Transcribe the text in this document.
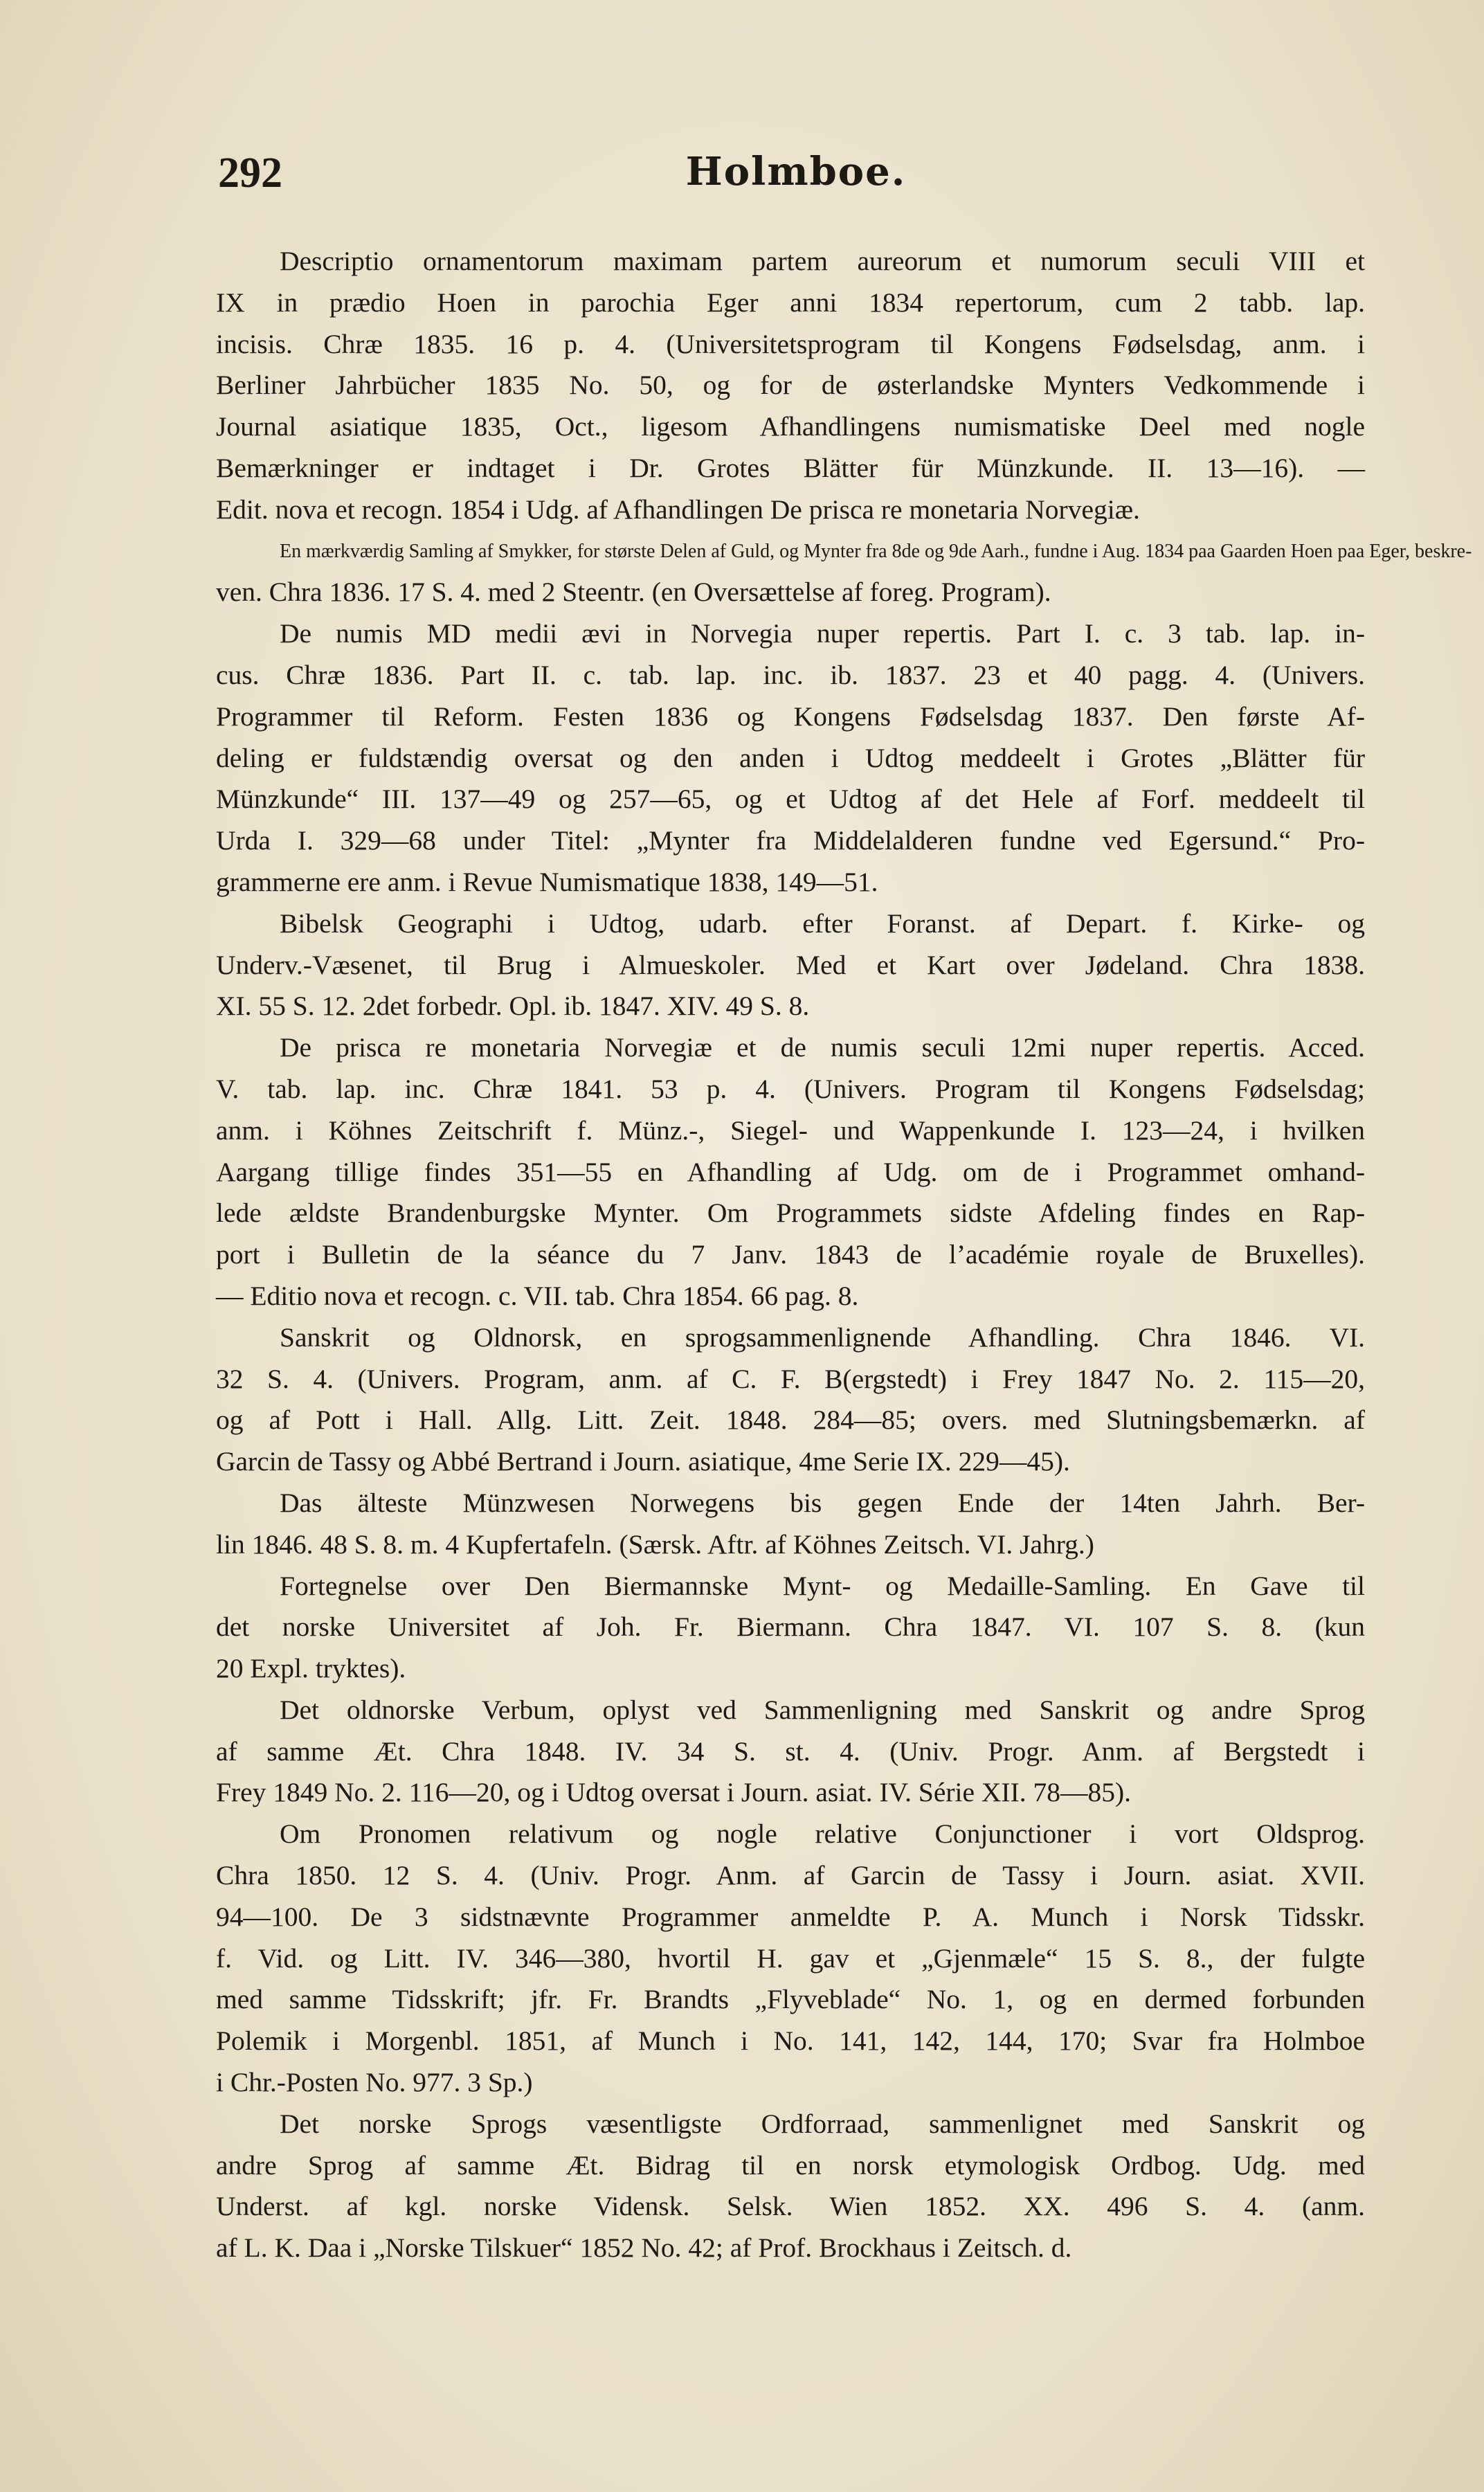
292	Holmboe.
Descriptio ornamentorum maximam partem aureorum et numorum seculi VIII et
IX in prædio Hoen in parochia Eger anni 1834 repertorum, cum 2 tabb. lap.
incisis. Chræ 1835. 16 p. 4. (Universitetsprogram til Kongens Fødselsdag, anm. i
Berliner Jahrbücher 1835 No. 50, og for de østerlandske Mynters Vedkommende i
Journal asiatique 1835, Oct., ligesom Afhandlingens numismatiske Deel med nogle
Bemærkninger er indtaget i Dr. Grotes Blätter für Münzkunde. II. 13—16). —
Edit. nova et recogn. 1854 i Udg. af Afhandlingen De prisca re monetaria Norvegiæ.
En mærkværdig Samling af Smykker, for største Delen af Guld, og Mynter fra 8de og 9de Aarh., fundne i Aug. 1834 paa Gaarden Hoen paa Eger, beskre-
ven. Chra 1836. 17 S. 4. med 2 Steentr. (en Oversættelse af foreg. Program).
De numis MD medii ævi in Norvegia nuper repertis. Part I. c. 3 tab. lap. in-
cus. Chræ 1836. Part II. c. tab. lap. inc. ib. 1837. 23 et 40 pagg. 4. (Univers.
Programmer til Reform. Festen 1836 og Kongens Fødselsdag 1837. Den første Af-
deling er fuldstændig oversat og den anden i Udtog meddeelt i Grotes „Blätter für
Münzkunde“ III. 137—49 og 257—65, og et Udtog af det Hele af Forf. meddeelt til
Urda I. 329—68 under Titel: „Mynter fra Middelalderen fundne ved Egersund.“ Pro-
grammerne ere anm. i Revue Numismatique 1838, 149—51.
Bibelsk Geographi i Udtog, udarb. efter Foranst. af Depart. f. Kirke- og
Underv.-Væsenet, til Brug i Almueskoler. Med et Kart over Jødeland. Chra 1838.
XI. 55 S. 12. 2det forbedr. Opl. ib. 1847. XIV. 49 S. 8.
De prisca re monetaria Norvegiæ et de numis seculi 12mi nuper repertis. Acced.
V. tab. lap. inc. Chræ 1841. 53 p. 4. (Univers. Program til Kongens Fødselsdag;
anm. i Köhnes Zeitschrift f. Münz.-, Siegel- und Wappenkunde I. 123—24, i hvilken
Aargang tillige findes 351—55 en Afhandling af Udg. om de i Programmet omhand-
lede ældste Brandenburgske Mynter. Om Programmets sidste Afdeling findes en Rap-
port i Bulletin de la séance du 7 Janv. 1843 de l’académie royale de Bruxelles).
— Editio nova et recogn. c. VII. tab. Chra 1854. 66 pag. 8.
Sanskrit og Oldnorsk, en sprogsammenlignende Afhandling. Chra 1846. VI.
32 S. 4. (Univers. Program, anm. af C. F. B(ergstedt) i Frey 1847 No. 2. 115—20,
og af Pott i Hall. Allg. Litt. Zeit. 1848. 284—85; overs. med Slutningsbemærkn. af
Garcin de Tassy og Abbé Bertrand i Journ. asiatique, 4me Serie IX. 229—45).
Das älteste Münzwesen Norwegens bis gegen Ende der 14ten Jahrh. Ber-
lin 1846. 48 S. 8. m. 4 Kupfertafeln. (Særsk. Aftr. af Köhnes Zeitsch. VI. Jahrg.)
Fortegnelse over Den Biermannske Mynt- og Medaille-Samling. En Gave til
det norske Universitet af Joh. Fr. Biermann. Chra 1847. VI. 107 S. 8. (kun
20 Expl. tryktes).
Det oldnorske Verbum, oplyst ved Sammenligning med Sanskrit og andre Sprog
af samme Æt. Chra 1848. IV. 34 S. st. 4. (Univ. Progr. Anm. af Bergstedt i
Frey 1849 No. 2. 116—20, og i Udtog oversat i Journ. asiat. IV. Série XII. 78—85).
Om Pronomen relativum og nogle relative Conjunctioner i vort Oldsprog.
Chra 1850. 12 S. 4. (Univ. Progr. Anm. af Garcin de Tassy i Journ. asiat. XVII.
94—100. De 3 sidstnævnte Programmer anmeldte P. A. Munch i Norsk Tidsskr.
f. Vid. og Litt. IV. 346—380, hvortil H. gav et „Gjenmæle“ 15 S. 8., der fulgte
med samme Tidsskrift; jfr. Fr. Brandts „Flyveblade“ No. 1, og en dermed forbunden
Polemik i Morgenbl. 1851, af Munch i No. 141, 142, 144, 170; Svar fra Holmboe
i Chr.-Posten No. 977. 3 Sp.)
Det norske Sprogs væsentligste Ordforraad, sammenlignet med Sanskrit og
andre Sprog af samme Æt. Bidrag til en norsk etymologisk Ordbog. Udg. med
Underst. af kgl. norske Vidensk. Selsk. Wien 1852. XX. 496 S. 4. (anm.
af L. K. Daa i „Norske Tilskuer“ 1852 No. 42; af Prof. Brockhaus i Zeitsch. d.
